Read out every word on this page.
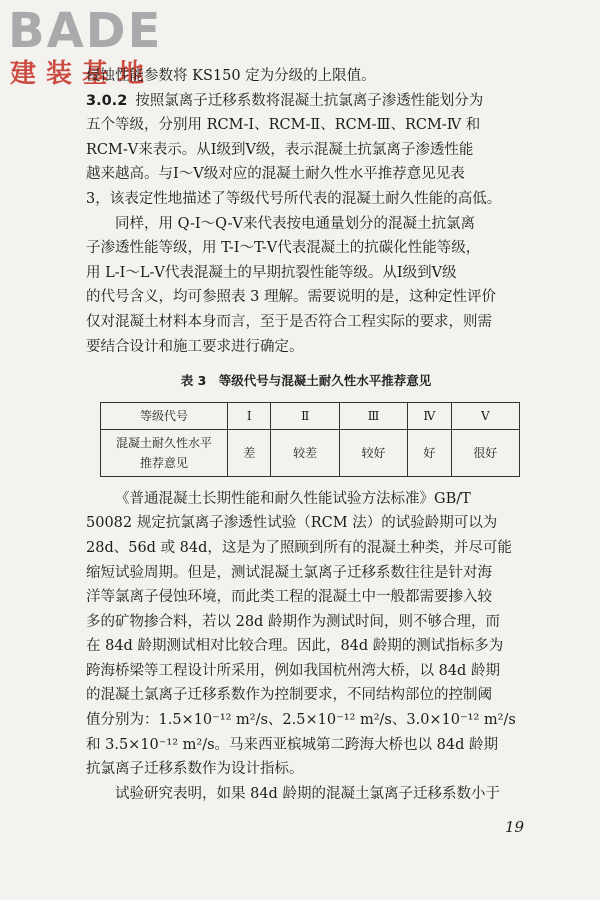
BADE
建装基地

侵蚀性能参数将 KS150 定为分级的上限值。

3.0.2 按照氯离子迁移系数将混凝土抗氯离子渗透性能划分为
五个等级，分别用 RCM-Ⅰ、RCM-Ⅱ、RCM-Ⅲ、RCM-Ⅳ 和
RCM-Ⅴ来表示。从Ⅰ级到Ⅴ级，表示混凝土抗氯离子渗透性能
越来越高。与Ⅰ～Ⅴ级对应的混凝土耐久性水平推荐意见见表
3，该表定性地描述了等级代号所代表的混凝土耐久性能的高低。

同样，用 Q-Ⅰ～Q-Ⅴ来代表按电通量划分的混凝土抗氯离
子渗透性能等级，用 T-Ⅰ～T-Ⅴ代表混凝土的抗碳化性能等级，
用 L-Ⅰ～L-Ⅴ代表混凝土的早期抗裂性能等级。从Ⅰ级到Ⅴ级
的代号含义，均可参照表 3 理解。需要说明的是，这种定性评价
仅对混凝土材料本身而言，至于是否符合工程实际的要求，则需
要结合设计和施工要求进行确定。

表 3　等级代号与混凝土耐久性水平推荐意见
等级代号	Ⅰ	Ⅱ	Ⅲ	Ⅳ	Ⅴ
混凝土耐久性水平
推荐意见	差	较差	较好	好	很好

《普通混凝土长期性能和耐久性能试验方法标准》GB/T
50082 规定抗氯离子渗透性试验（RCM 法）的试验龄期可以为
28d、56d 或 84d，这是为了照顾到所有的混凝土种类，并尽可能
缩短试验周期。但是，测试混凝土氯离子迁移系数往往是针对海
洋等氯离子侵蚀环境，而此类工程的混凝土中一般都需要掺入较
多的矿物掺合料，若以 28d 龄期作为测试时间，则不够合理，而
在 84d 龄期测试相对比较合理。因此，84d 龄期的测试指标多为
跨海桥梁等工程设计所采用，例如我国杭州湾大桥，以 84d 龄期
的混凝土氯离子迁移系数作为控制要求，不同结构部位的控制阈
值分别为：1.5×10⁻¹² m²/s、2.5×10⁻¹² m²/s、3.0×10⁻¹² m²/s
和 3.5×10⁻¹² m²/s。马来西亚槟城第二跨海大桥也以 84d 龄期
抗氯离子迁移系数作为设计指标。

试验研究表明，如果 84d 龄期的混凝土氯离子迁移系数小于

19
